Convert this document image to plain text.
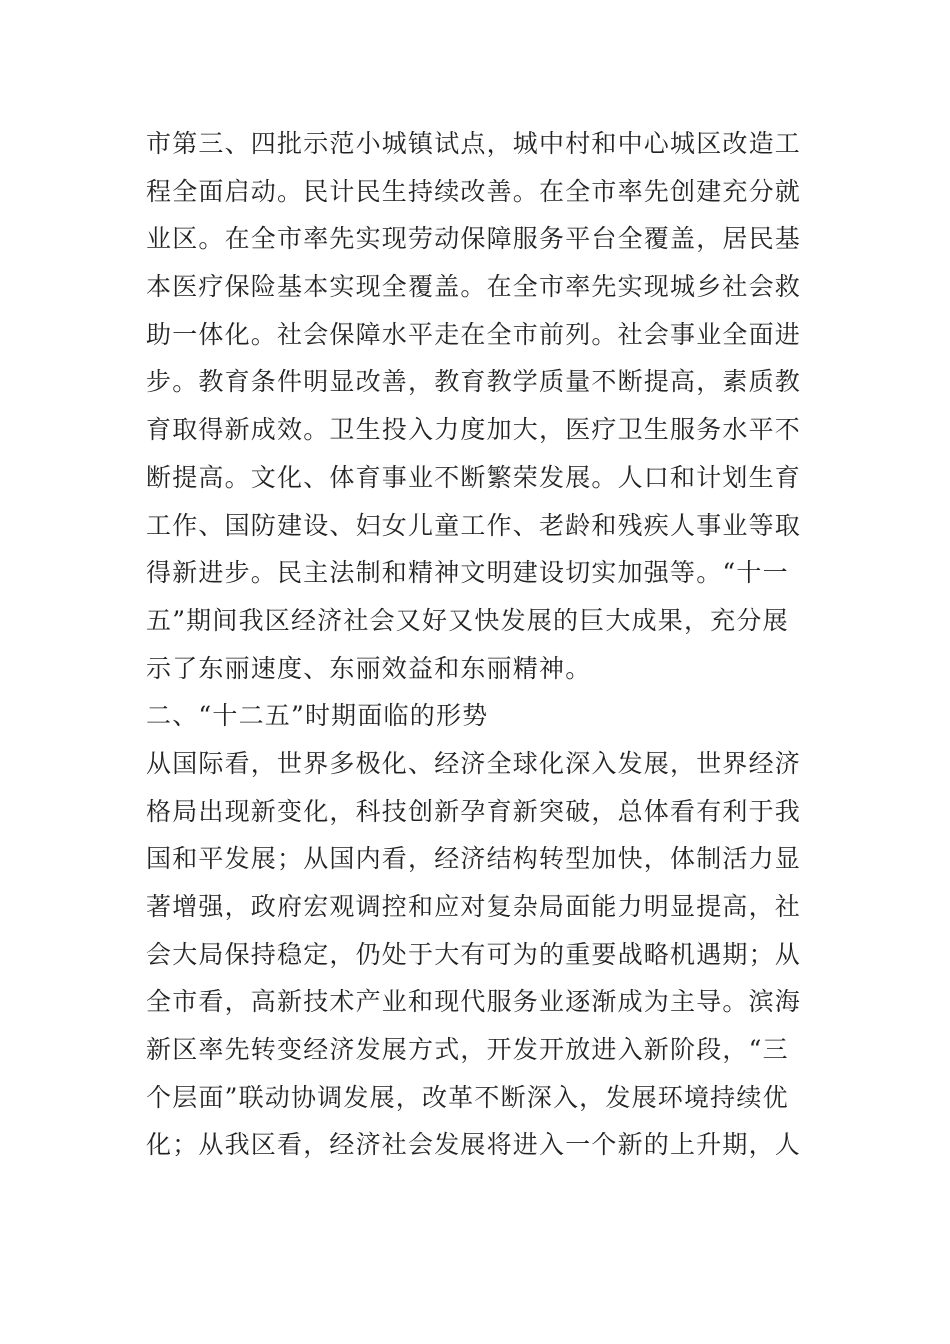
市第三、四批示范小城镇试点，城中村和中心城区改造工
程全面启动。民计民生持续改善。在全市率先创建充分就
业区。在全市率先实现劳动保障服务平台全覆盖，居民基
本医疗保险基本实现全覆盖。在全市率先实现城乡社会救
助一体化。社会保障水平走在全市前列。社会事业全面进
步。教育条件明显改善，教育教学质量不断提高，素质教
育取得新成效。卫生投入力度加大，医疗卫生服务水平不
断提高。文化、体育事业不断繁荣发展。人口和计划生育
工作、国防建设、妇女儿童工作、老龄和残疾人事业等取
得新进步。民主法制和精神文明建设切实加强等。“十一
五”期间我区经济社会又好又快发展的巨大成果，充分展
示了东丽速度、东丽效益和东丽精神。
二、“十二五”时期面临的形势
从国际看，世界多极化、经济全球化深入发展，世界经济
格局出现新变化，科技创新孕育新突破，总体看有利于我
国和平发展；从国内看，经济结构转型加快，体制活力显
著增强，政府宏观调控和应对复杂局面能力明显提高，社
会大局保持稳定，仍处于大有可为的重要战略机遇期；从
全市看，高新技术产业和现代服务业逐渐成为主导。滨海
新区率先转变经济发展方式，开发开放进入新阶段，“三
个层面”联动协调发展，改革不断深入，发展环境持续优
化；从我区看，经济社会发展将进入一个新的上升期，人
